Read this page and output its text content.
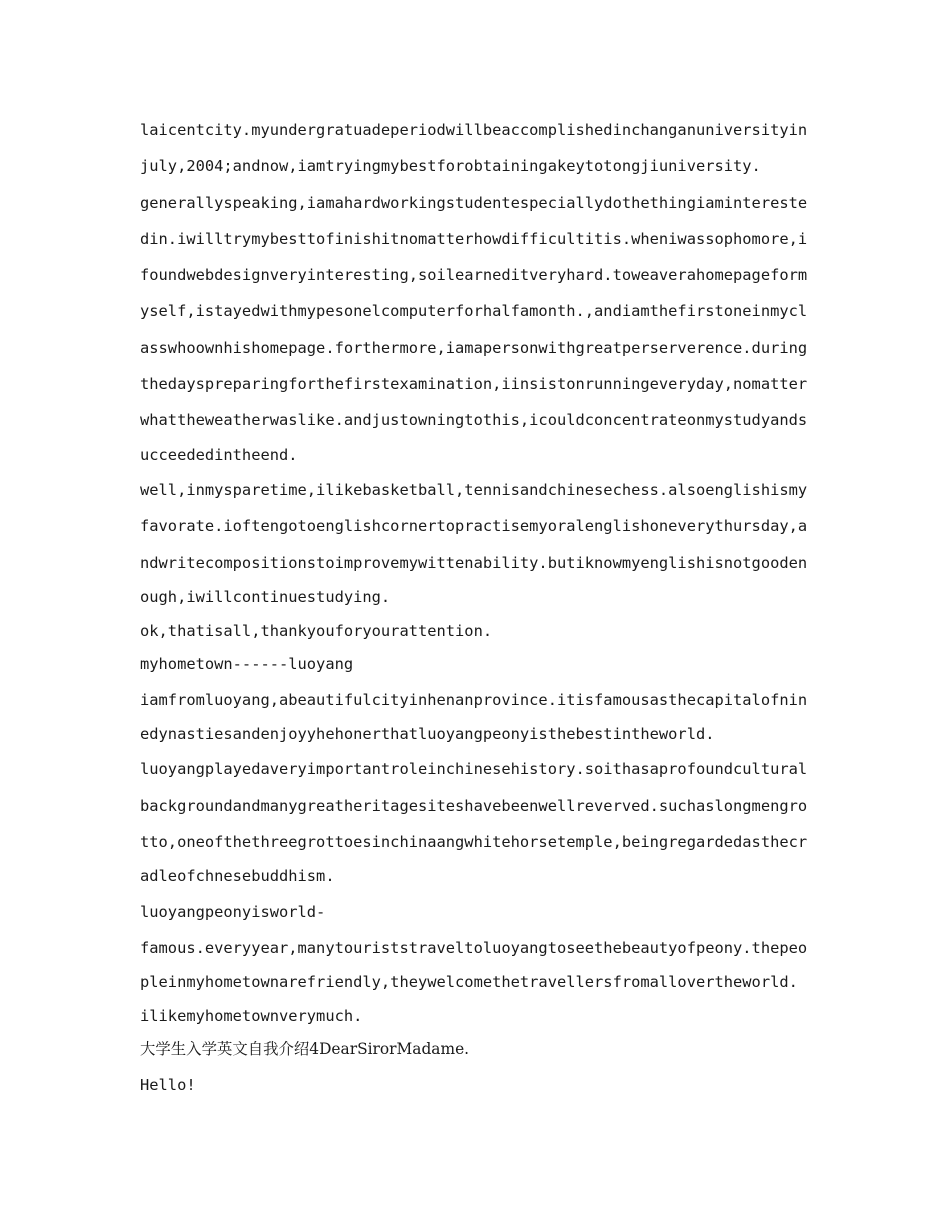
laicentcity.myundergratuadeperiodwillbeaccomplishedinchanganuniversityin
july,2004;andnow,iamtryingmybestforobtainingakeytotongjiuniversity.
generallyspeaking,iamahardworkingstudentespeciallydothethingiamintereste
din.iwilltrymybesttofinishitnomatterhowdifficultitis.wheniwassophomore,i
foundwebdesignveryinteresting,soilearneditveryhard.toweaverahomepageform
yself,istayedwithmypesonelcomputerforhalfamonth.,andiamthefirstoneinmycl
asswhoownhishomepage.forthermore,iamapersonwithgreatperserverence.during
thedayspreparingforthefirstexamination,iinsistonrunningeveryday,nomatter
whattheweatherwaslike.andjustowningtothis,icouldconcentrateonmystudyands
ucceededintheend.
well,inmysparetime,ilikebasketball,tennisandchinesechess.alsoenglishismy
favorate.ioftengotoenglishcornertopractisemyoralenglishoneverythursday,a
ndwritecompositionstoimprovemywittenability.butiknowmyenglishisnotgooden
ough,iwillcontinuestudying.
ok,thatisall,thankyouforyourattention.
myhometown------luoyang
iamfromluoyang,abeautifulcityinhenanprovince.itisfamousasthecapitalofnin
edynastiesandenjoyyhehonerthatluoyangpeonyisthebestintheworld.
luoyangplayedaveryimportantroleinchinesehistory.soithasaprofoundcultural
backgroundandmanygreatheritagesiteshavebeenwellreverved.suchaslongmengro
tto,oneofthethreegrottoesinchinaangwhitehorsetemple,beingregardedasthecr
adleofchnesebuddhism.
luoyangpeonyisworld-
famous.everyyear,manytouriststraveltoluoyangtoseethebeautyofpeony.thepeo
pleinmyhometownarefriendly,theywelcomethetravellersfromallovertheworld.
ilikemyhometownverymuch.
大学生入学英文自我介绍4DearSirorMadame.
Hello!
